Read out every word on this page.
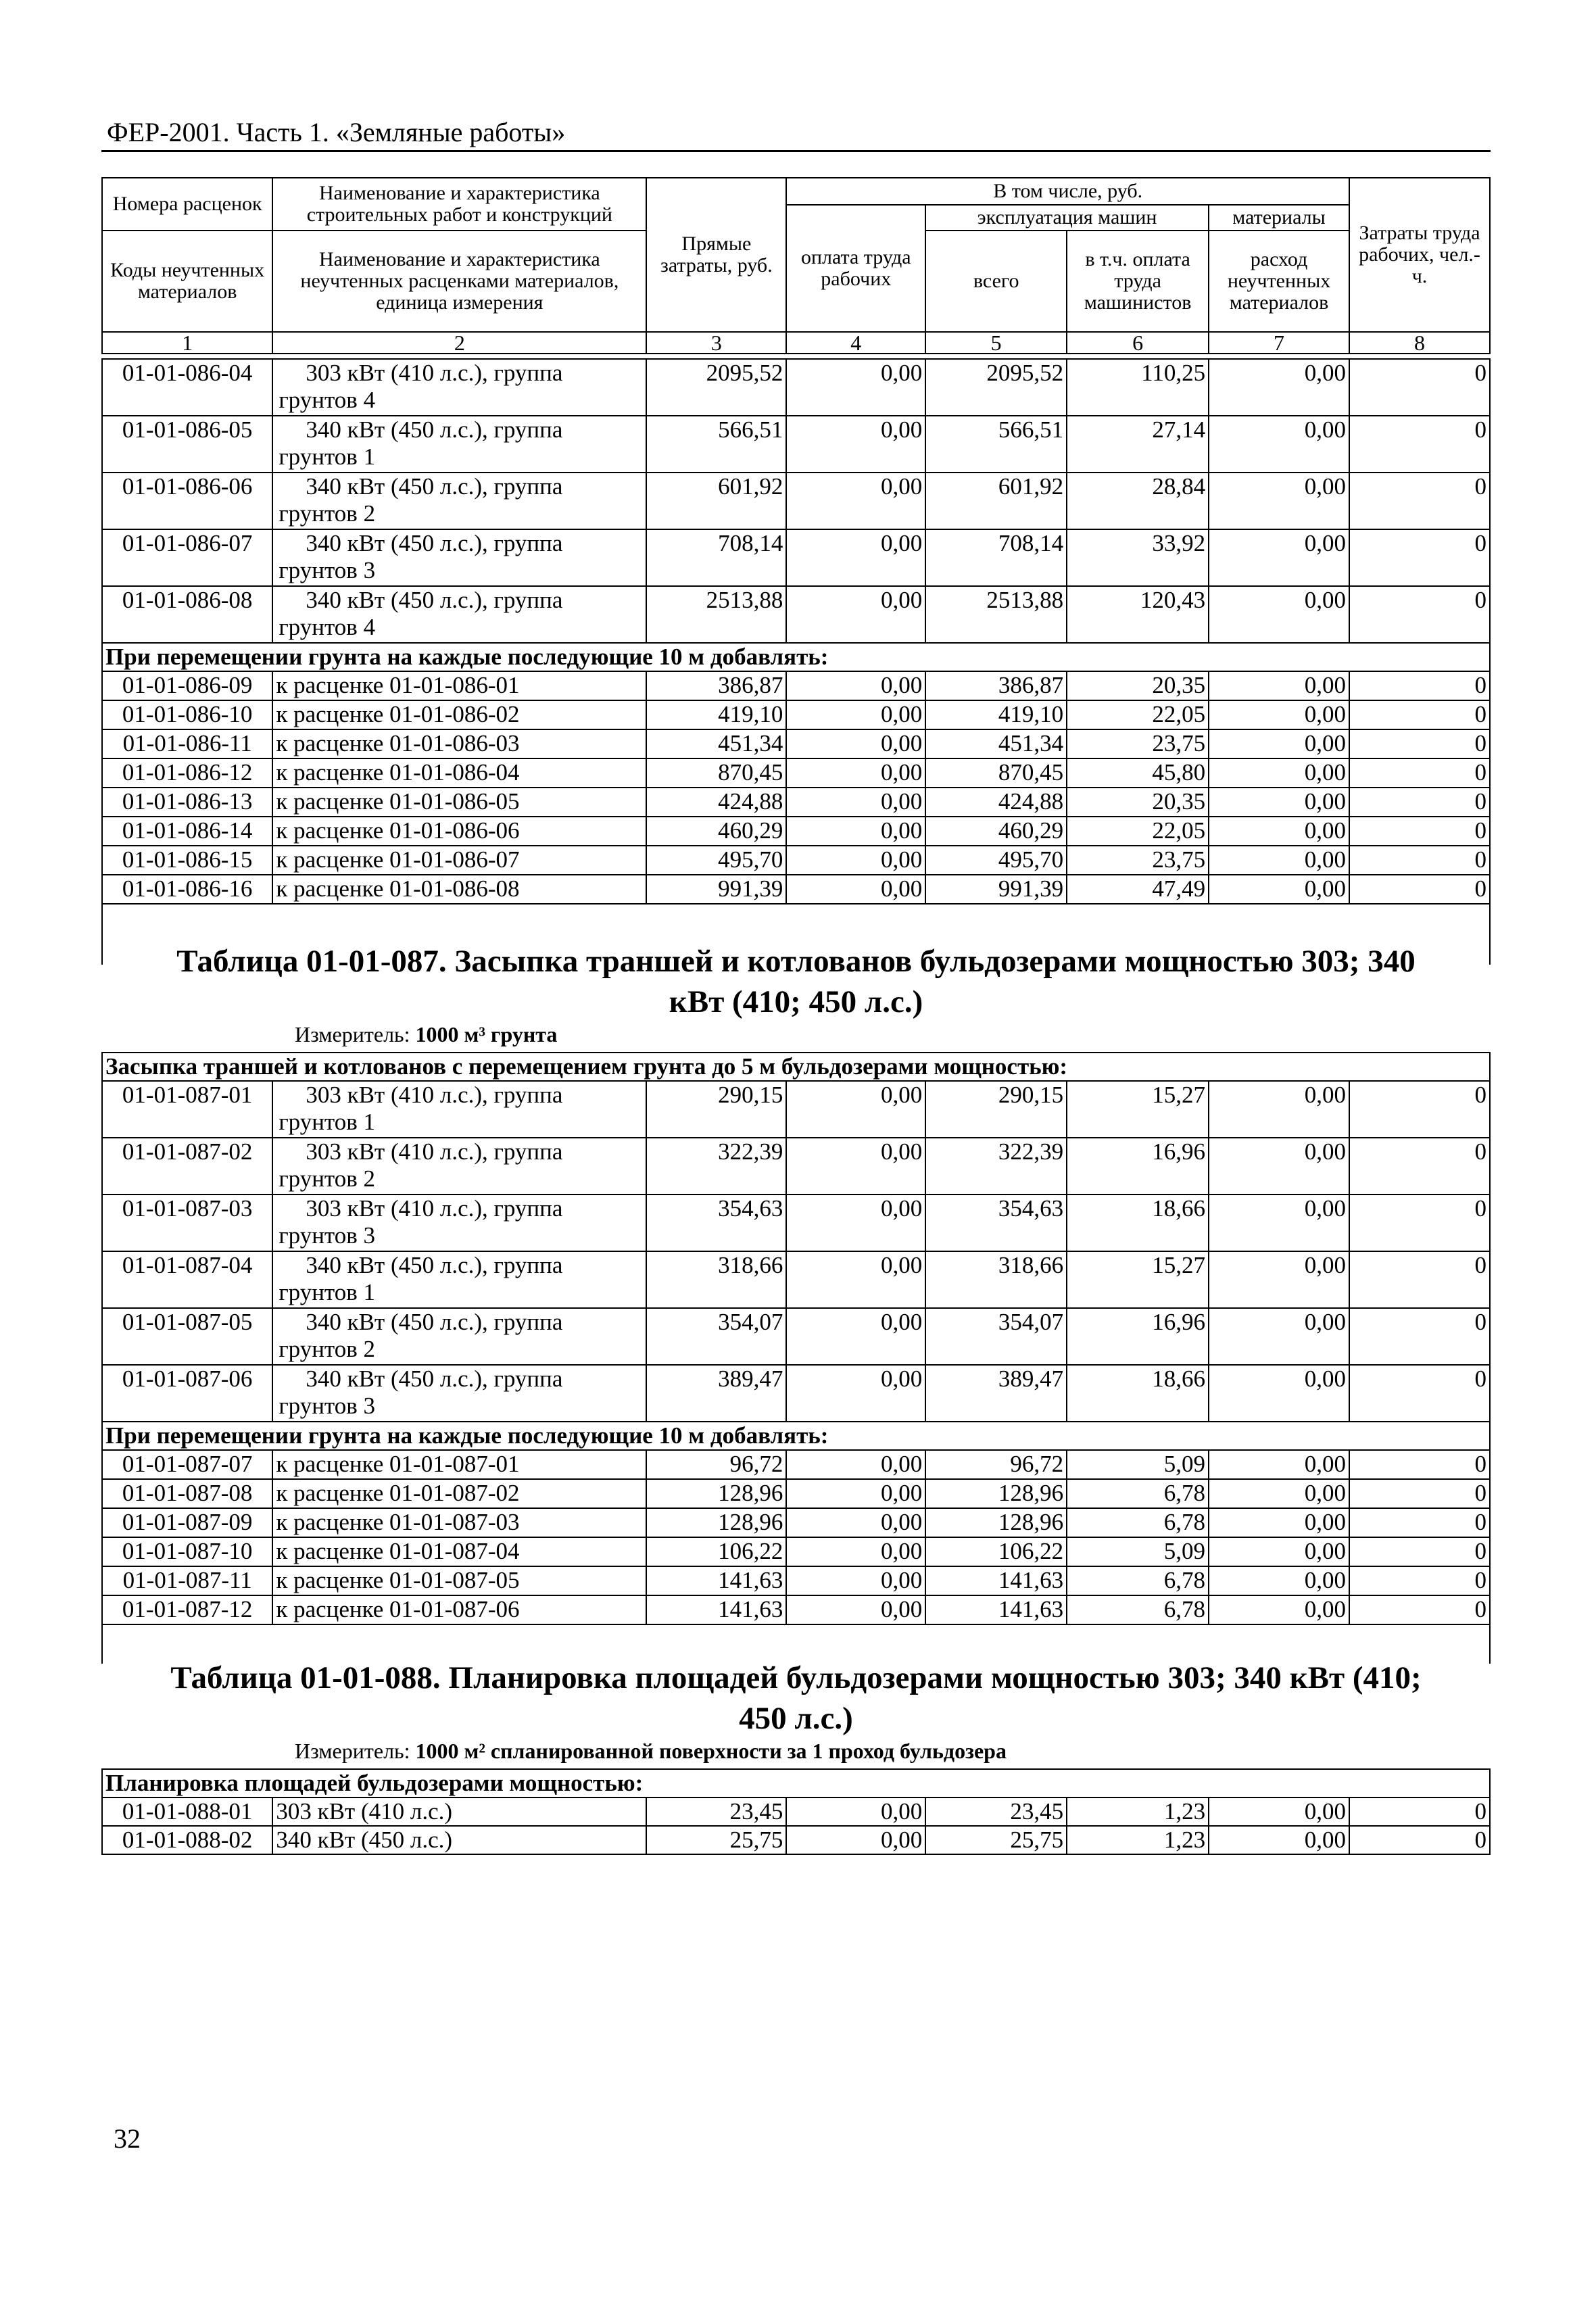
ФЕР-2001. Часть 1. «Земляные работы»
Номера расценок	Наименование и характеристика строительных работ и конструкций	Прямые затраты, руб.	В том числе, руб.				Затраты труда рабочих, чел.-ч.
			оплата труда рабочих	эксплуатация машин		материалы	
Коды неучтенных материалов	Наименование и характеристика неучтенных расценками материалов, единица измерения			всего	в т.ч. оплата труда машинистов	расход неучтенных материалов	

1	2	3	4	5	6	7	8
01-01-086-04	303 кВт (410 л.с.), группа
грунтов 4	2095,52	0,00	2095,52	110,25	0,00	0
01-01-086-05	340 кВт (450 л.с.), группа
грунтов 1	566,51	0,00	566,51	27,14	0,00	0
01-01-086-06	340 кВт (450 л.с.), группа
грунтов 2	601,92	0,00	601,92	28,84	0,00	0
01-01-086-07	340 кВт (450 л.с.), группа
грунтов 3	708,14	0,00	708,14	33,92	0,00	0
01-01-086-08	340 кВт (450 л.с.), группа
грунтов 4	2513,88	0,00	2513,88	120,43	0,00	0
При перемещении грунта на каждые последующие 10 м добавлять:							
01-01-086-09	к расценке 01-01-086-01	386,87	0,00	386,87	20,35	0,00	0
01-01-086-10	к расценке 01-01-086-02	419,10	0,00	419,10	22,05	0,00	0
01-01-086-11	к расценке 01-01-086-03	451,34	0,00	451,34	23,75	0,00	0
01-01-086-12	к расценке 01-01-086-04	870,45	0,00	870,45	45,80	0,00	0
01-01-086-13	к расценке 01-01-086-05	424,88	0,00	424,88	20,35	0,00	0
01-01-086-14	к расценке 01-01-086-06	460,29	0,00	460,29	22,05	0,00	0
01-01-086-15	к расценке 01-01-086-07	495,70	0,00	495,70	23,75	0,00	0
01-01-086-16	к расценке 01-01-086-08	991,39	0,00	991,39	47,49	0,00	0

Таблица 01-01-087. Засыпка траншей и котлованов бульдозерами мощностью 303; 340
кВт (410; 450 л.с.)
Измеритель: 1000 м³ грунта
Засыпка траншей и котлованов с перемещением грунта до 5 м бульдозерами мощностью:							
01-01-087-01	303 кВт (410 л.с.), группа
грунтов 1	290,15	0,00	290,15	15,27	0,00	0
01-01-087-02	303 кВт (410 л.с.), группа
грунтов 2	322,39	0,00	322,39	16,96	0,00	0
01-01-087-03	303 кВт (410 л.с.), группа
грунтов 3	354,63	0,00	354,63	18,66	0,00	0
01-01-087-04	340 кВт (450 л.с.), группа
грунтов 1	318,66	0,00	318,66	15,27	0,00	0
01-01-087-05	340 кВт (450 л.с.), группа
грунтов 2	354,07	0,00	354,07	16,96	0,00	0
01-01-087-06	340 кВт (450 л.с.), группа
грунтов 3	389,47	0,00	389,47	18,66	0,00	0
При перемещении грунта на каждые последующие 10 м добавлять:							
01-01-087-07	к расценке 01-01-087-01	96,72	0,00	96,72	5,09	0,00	0
01-01-087-08	к расценке 01-01-087-02	128,96	0,00	128,96	6,78	0,00	0
01-01-087-09	к расценке 01-01-087-03	128,96	0,00	128,96	6,78	0,00	0
01-01-087-10	к расценке 01-01-087-04	106,22	0,00	106,22	5,09	0,00	0
01-01-087-11	к расценке 01-01-087-05	141,63	0,00	141,63	6,78	0,00	0
01-01-087-12	к расценке 01-01-087-06	141,63	0,00	141,63	6,78	0,00	0

Таблица 01-01-088. Планировка площадей бульдозерами мощностью 303; 340 кВт (410;
450 л.с.)
Измеритель: 1000 м² спланированной поверхности за 1 проход бульдозера
Планировка площадей бульдозерами мощностью:							
01-01-088-01	303 кВт (410 л.с.)	23,45	0,00	23,45	1,23	0,00	0
01-01-088-02	340 кВт (450 л.с.)	25,75	0,00	25,75	1,23	0,00	0
32
